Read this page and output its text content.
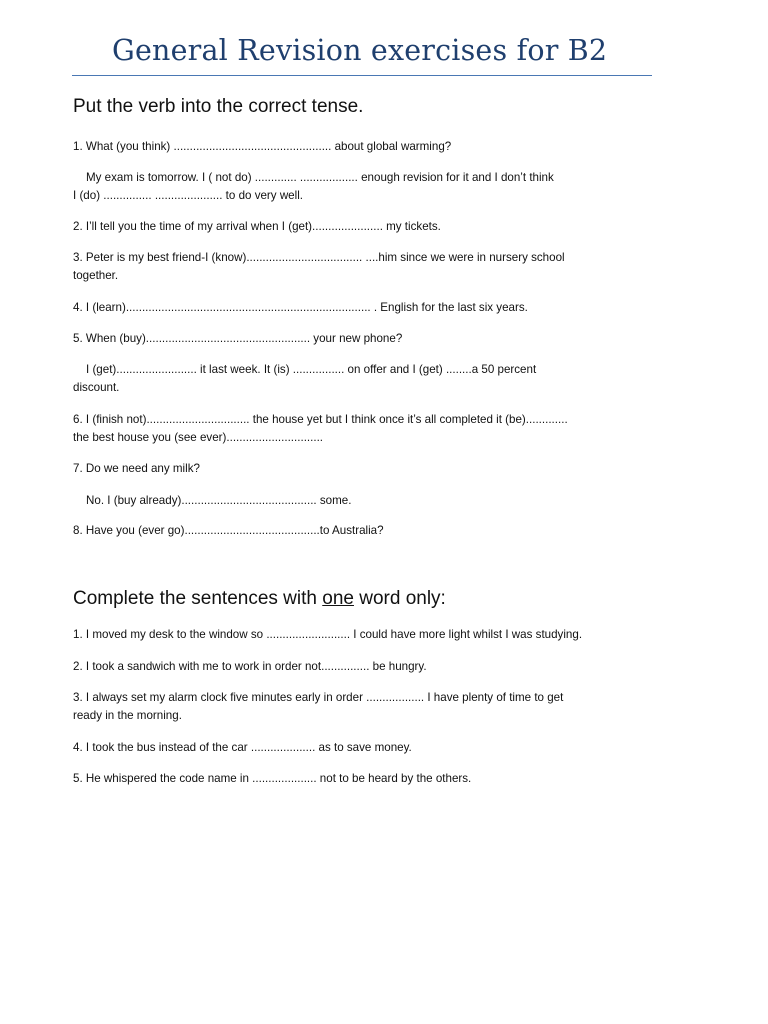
General Revision exercises for B2
Put the verb into the correct tense.
1. What (you think) ................................................. about global warming?
My exam is tomorrow. I ( not do) ............. .................. enough revision for it and I don’t think
I (do) ............... ..................... to do very well.
2. I’ll tell you the time of my arrival when I (get)...................... my tickets.
3. Peter is my best friend-I (know).................................... ....him since we were in nursery school
together.
4. I (learn)............................................................................ . English for the last six years.
5. When (buy)................................................... your new phone?
I (get)......................... it last week. It (is) ................ on offer and I (get) ........a 50 percent
discount.
6. I (finish not)................................ the house yet but I think once it’s all completed it (be).............
the best house you (see ever)..............................
7. Do we need any milk?
No. I (buy already).......................................... some.
8. Have you (ever go)..........................................to Australia?
Complete the sentences with one word only:
1. I moved my desk to the window so .......................... I could have more light whilst I was studying.
2. I took a sandwich with me to work in order not............... be hungry.
3. I always set my alarm clock five minutes early in order .................. I have plenty of time to get
ready in the morning.
4. I took the bus instead of the car .................... as to save money.
5. He whispered the code name in .................... not to be heard by the others.
